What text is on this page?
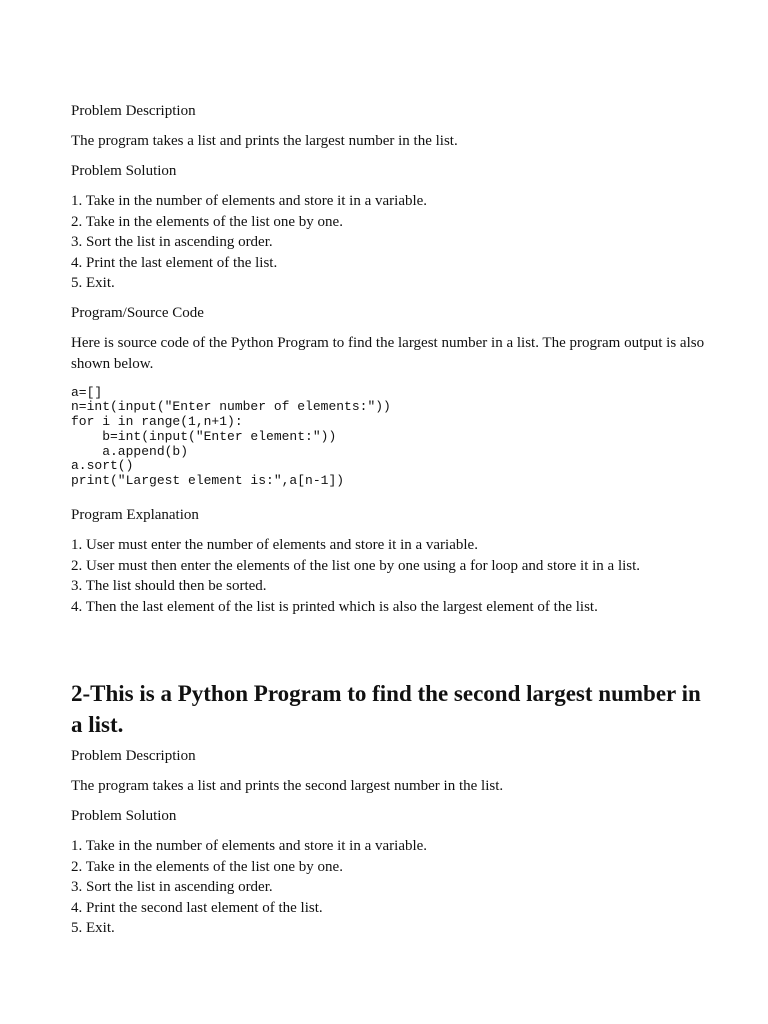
Problem Description

The program takes a list and prints the largest number in the list.

Problem Solution

1. Take in the number of elements and store it in a variable.
2. Take in the elements of the list one by one.
3. Sort the list in ascending order.
4. Print the last element of the list.
5. Exit.

Program/Source Code

Here is source code of the Python Program to find the largest number in a list. The program output is also shown below.

a=[]
n=int(input("Enter number of elements:"))
for i in range(1,n+1):
b=int(input("Enter element:"))
a.append(b)
a.sort()
print("Largest element is:",a[n-1])

Program Explanation

1. User must enter the number of elements and store it in a variable.
2. User must then enter the elements of the list one by one using a for loop and store it in a list.
3. The list should then be sorted.
4. Then the last element of the list is printed which is also the largest element of the list.
2-This is a Python Program to find the second largest number in a list.

Problem Description

The program takes a list and prints the second largest number in the list.

Problem Solution

1. Take in the number of elements and store it in a variable.
2. Take in the elements of the list one by one.
3. Sort the list in ascending order.
4. Print the second last element of the list.
5. Exit.
